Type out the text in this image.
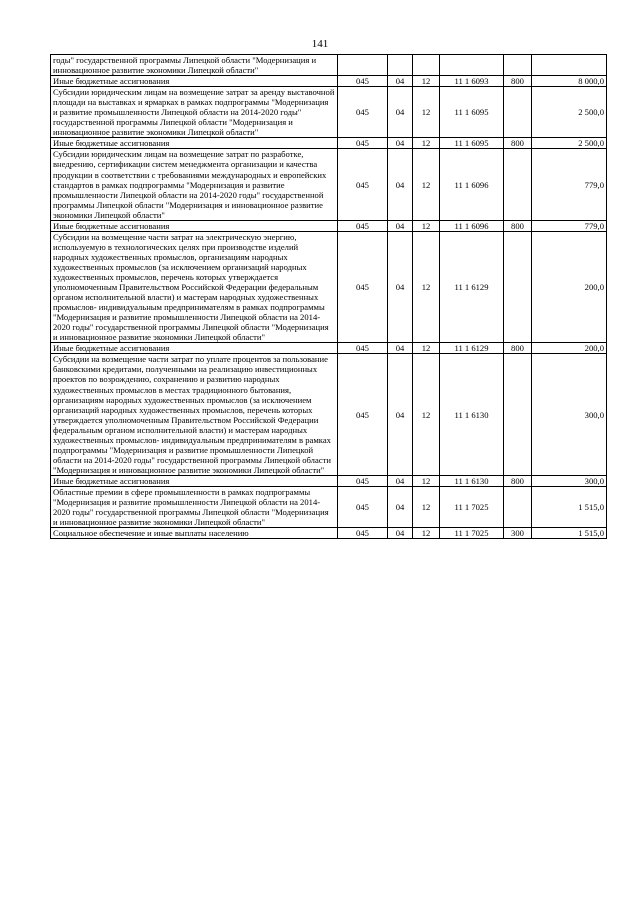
141
годы" государственной программы Липецкой области "Модернизация и инновационное развитие экономики Липецкой области"						
Иные бюджетные ассигнования	045	04	12	11 1 6093	800	8 000,0
Субсидии юридическим лицам на возмещение затрат за аренду выставочной площади на выставках и ярмарках в рамках подпрограммы "Модернизация и развитие промышленности Липецкой области на 2014-2020 годы" государственной программы Липецкой области "Модернизация и инновационное развитие экономики Липецкой области"	045	04	12	11 1 6095		2 500,0
Иные бюджетные ассигнования	045	04	12	11 1 6095	800	2 500,0
Субсидии юридическим лицам на возмещение затрат по разработке, внедрению, сертификации систем менеджмента организации и качества продукции в соответствии с требованиями международных и европейских стандартов в рамках подпрограммы "Модернизация и развитие промышленности Липецкой области на 2014-2020 годы" государственной программы Липецкой области "Модернизация и инновационное развитие экономики Липецкой области"	045	04	12	11 1 6096		779,0
Иные бюджетные ассигнования	045	04	12	11 1 6096	800	779,0
Субсидии на возмещение части затрат на электрическую энергию, используемую в технологических целях при производстве изделий народных художественных промыслов, организациям народных художественных промыслов (за исключением организаций народных художественных промыслов, перечень которых утверждается уполномоченным Правительством Российской Федерации федеральным органом исполнительной власти) и мастерам народных художественных промыслов- индивидуальным предпринимателям в рамках подпрограммы "Модернизация и развитие промышленности Липецкой области на 2014-2020 годы" государственной программы Липецкой области "Модернизация и инновационное развитие экономики Липецкой области"	045	04	12	11 1 6129		200,0
Иные бюджетные ассигнования	045	04	12	11 1 6129	800	200,0
Субсидии на возмещение части затрат по уплате процентов за пользование банковскими кредитами, полученными на реализацию инвестиционных проектов по возрождению, сохранению и развитию народных художественных промыслов в местах традиционного бытования, организациям народных художественных промыслов (за исключением организаций народных художественных промыслов, перечень которых утверждается уполномоченным Правительством Российской Федерации федеральным органом исполнительной власти) и мастерам народных художественных промыслов- индивидуальным предпринимателям в рамках подпрограммы "Модернизация и развитие промышленности Липецкой области на 2014-2020 годы" государственной программы Липецкой области "Модернизация и инновационное развитие экономики Липецкой области"	045	04	12	11 1 6130		300,0
Иные бюджетные ассигнования	045	04	12	11 1 6130	800	300,0
Областные премии в сфере промышленности в рамках подпрограммы "Модернизация и развитие промышленности Липецкой области на 2014-2020 годы" государственной программы Липецкой области "Модернизация и инновационное развитие экономики Липецкой области"	045	04	12	11 1 7025		1 515,0
Социальное обеспечение и иные выплаты населению	045	04	12	11 1 7025	300	1 515,0
